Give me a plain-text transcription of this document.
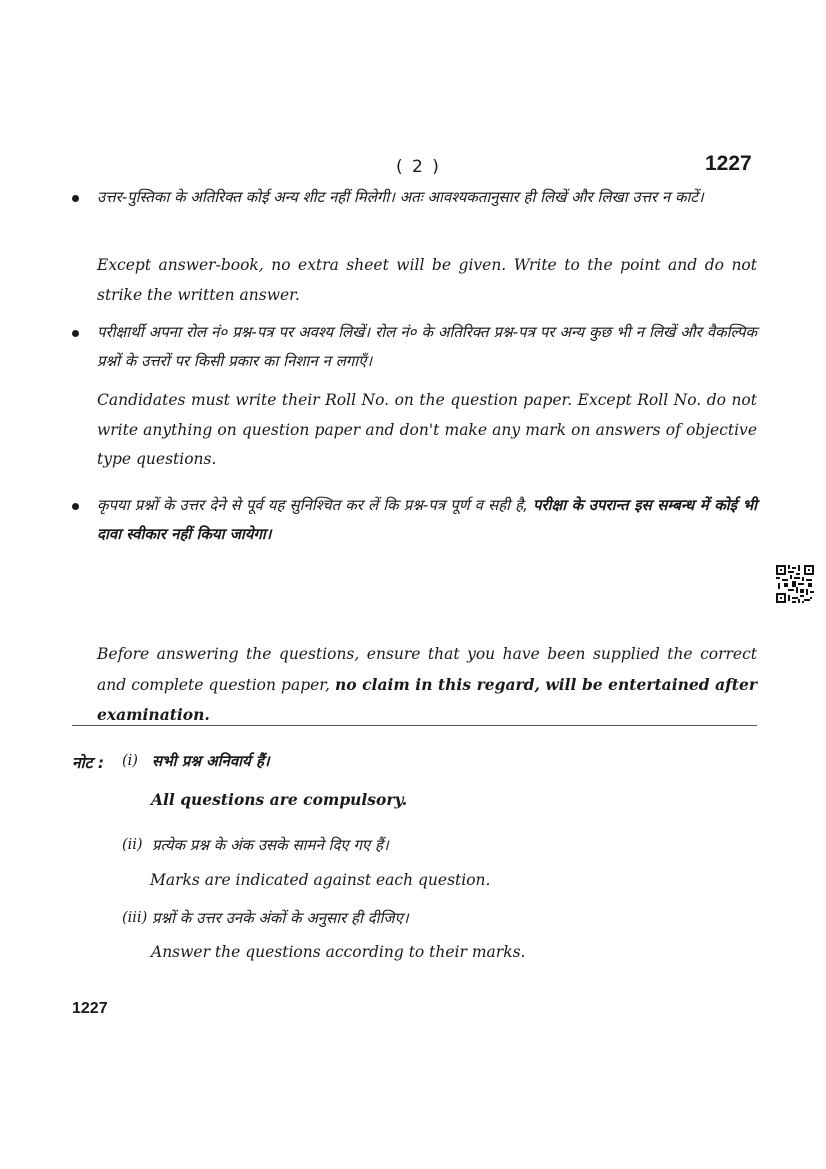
( 2 )	1227
उत्तर-पुस्तिका के अतिरिक्त कोई अन्य शीट नहीं मिलेगी। अतः आवश्यकतानुसार ही लिखें और लिखा उत्तर न काटें।
Except answer-book, no extra sheet will be given. Write to the point and do not strike the written answer.
परीक्षार्थी अपना रोल नं० प्रश्न-पत्र पर अवश्य लिखें। रोल नं० के अतिरिक्त प्रश्न-पत्र पर अन्य कुछ भी न लिखें और वैकल्पिक प्रश्नों के उत्तरों पर किसी प्रकार का निशान न लगाएँ।
Candidates must write their Roll No. on the question paper. Except Roll No. do not write anything on question paper and don't make any mark on answers of objective type questions.
कृपया प्रश्नों के उत्तर देने से पूर्व यह सुनिश्चित कर लें कि प्रश्न-पत्र पूर्ण व सही है, परीक्षा के उपरान्त इस सम्बन्ध में कोई भी दावा स्वीकार नहीं किया जायेगा।
Before answering the questions, ensure that you have been supplied the correct and complete question paper, no claim in this regard, will be entertained after examination.
नोट : (i) सभी प्रश्न अनिवार्य हैं।
All questions are compulsory.
(ii) प्रत्येक प्रश्न के अंक उसके सामने दिए गए हैं।
Marks are indicated against each question.
(iii) प्रश्नों के उत्तर उनके अंकों के अनुसार ही दीजिए।
Answer the questions according to their marks.
1227
